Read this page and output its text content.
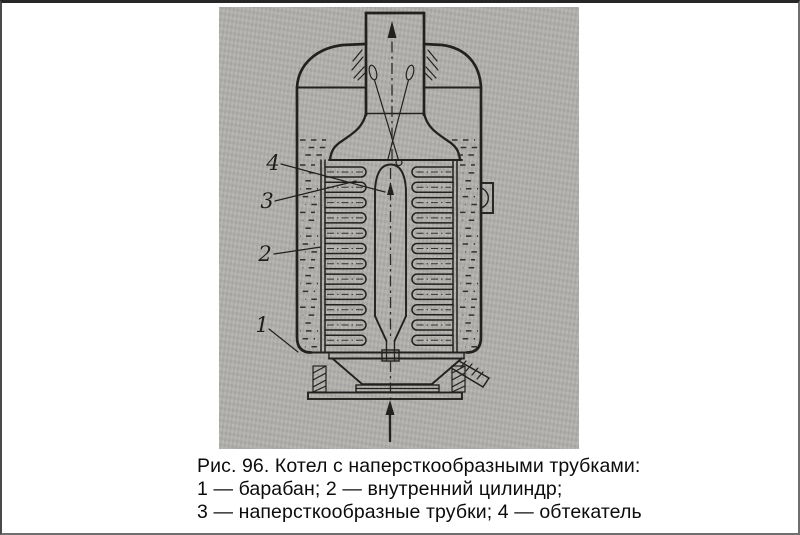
4
3
2
1
Рис. 96. Котел с наперсткообразными трубками:
1 — барабан; 2 — внутренний цилиндр;
3 — наперсткообразные трубки; 4 — обтекатель
